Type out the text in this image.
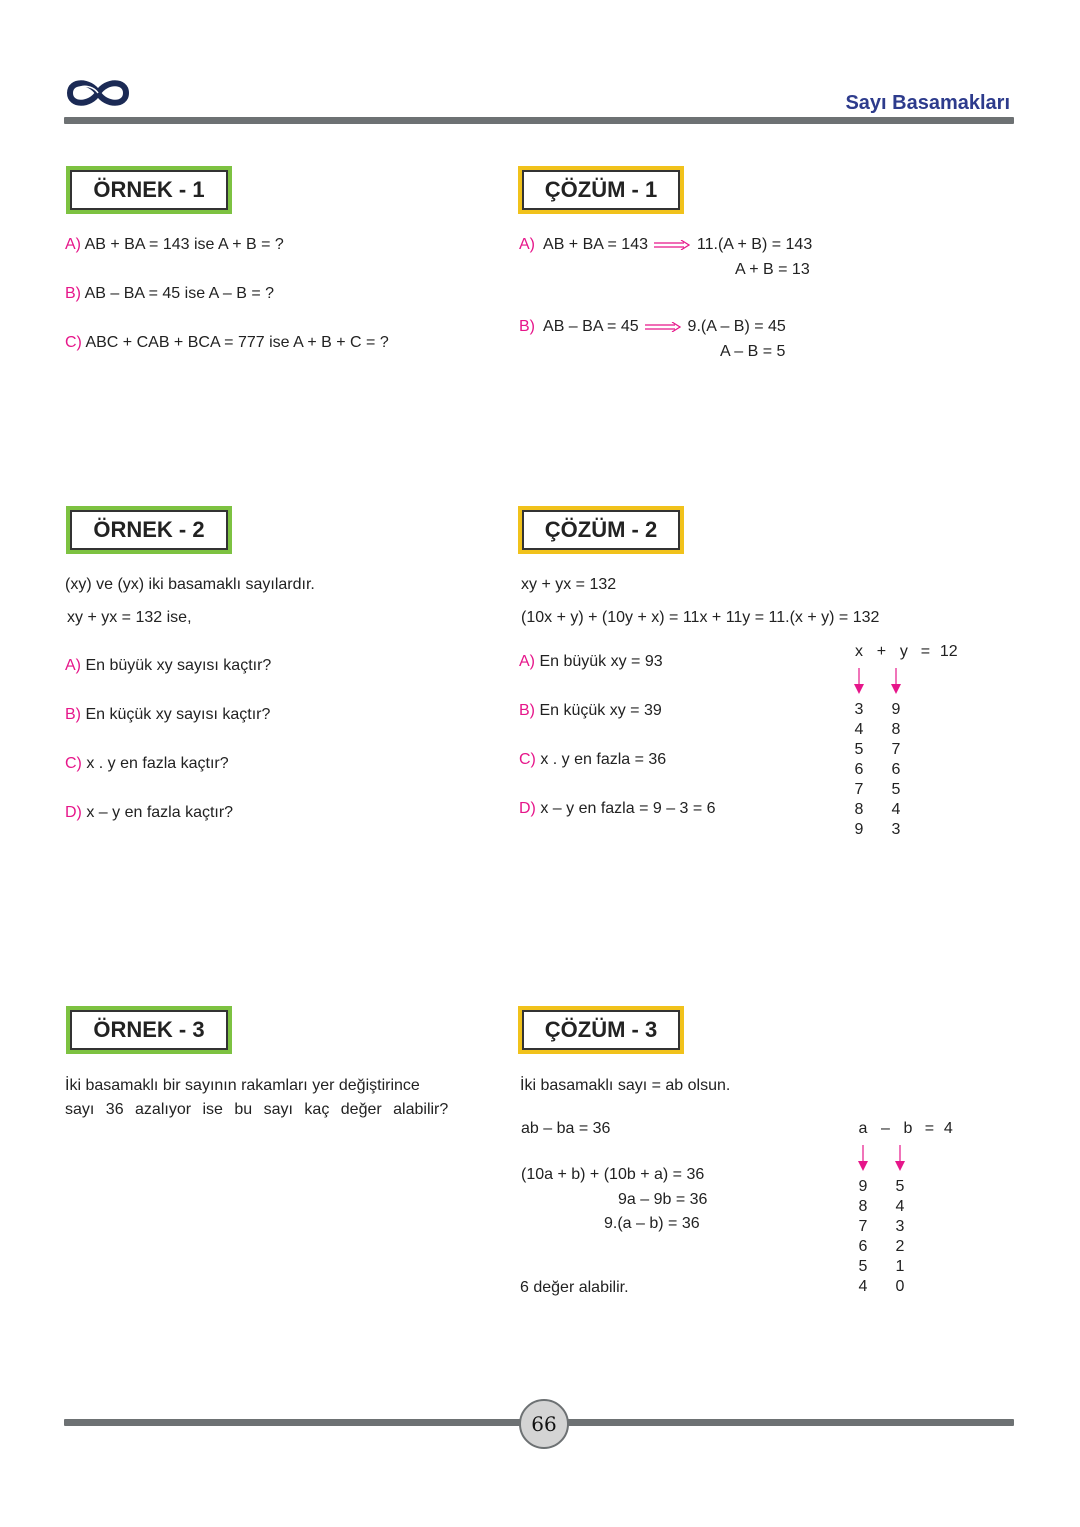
Sayı Basamakları
ÖRNEK - 1
A) AB + BA = 143 ise A + B = ?
B) AB – BA = 45 ise A – B = ?
C) ABC + CAB + BCA = 777 ise A + B + C = ?
ÇÖZÜM - 1
A) AB + BA = 143	11.(A + B) = 143
A + B = 13
B) AB – BA = 45	9.(A – B) = 45
A – B = 5
ÖRNEK - 2
(xy) ve (yx) iki basamaklı sayılardır.
xy + yx = 132 ise,
A) En büyük xy sayısı kaçtır?
B) En küçük xy sayısı kaçtır?
C) x . y en fazla kaçtır?
D) x – y en fazla kaçtır?
ÇÖZÜM - 2
xy + yx = 132
(10x + y) + (10y + x) = 11x + 11y = 11.(x + y) = 132
A) En büyük xy = 93
B) En küçük xy = 39
C) x . y en fazla = 36
D) x – y en fazla = 9 – 3 = 6
x + y = 12
3
4
5
6
7
8
9
9
8
7
6
5
4
3
ÖRNEK - 3
İki basamaklı bir sayının rakamları yer değiştirince
sayı 36 azalıyor ise bu sayı kaç değer alabilir?
ÇÖZÜM - 3
İki basamaklı sayı = ab olsun.
ab – ba = 36
(10a + b) + (10b + a) = 36
9a – 9b = 36
9.(a – b) = 36
6 değer alabilir.
a – b = 4
9
8
7
6
5
4
5
4
3
2
1
0
66
